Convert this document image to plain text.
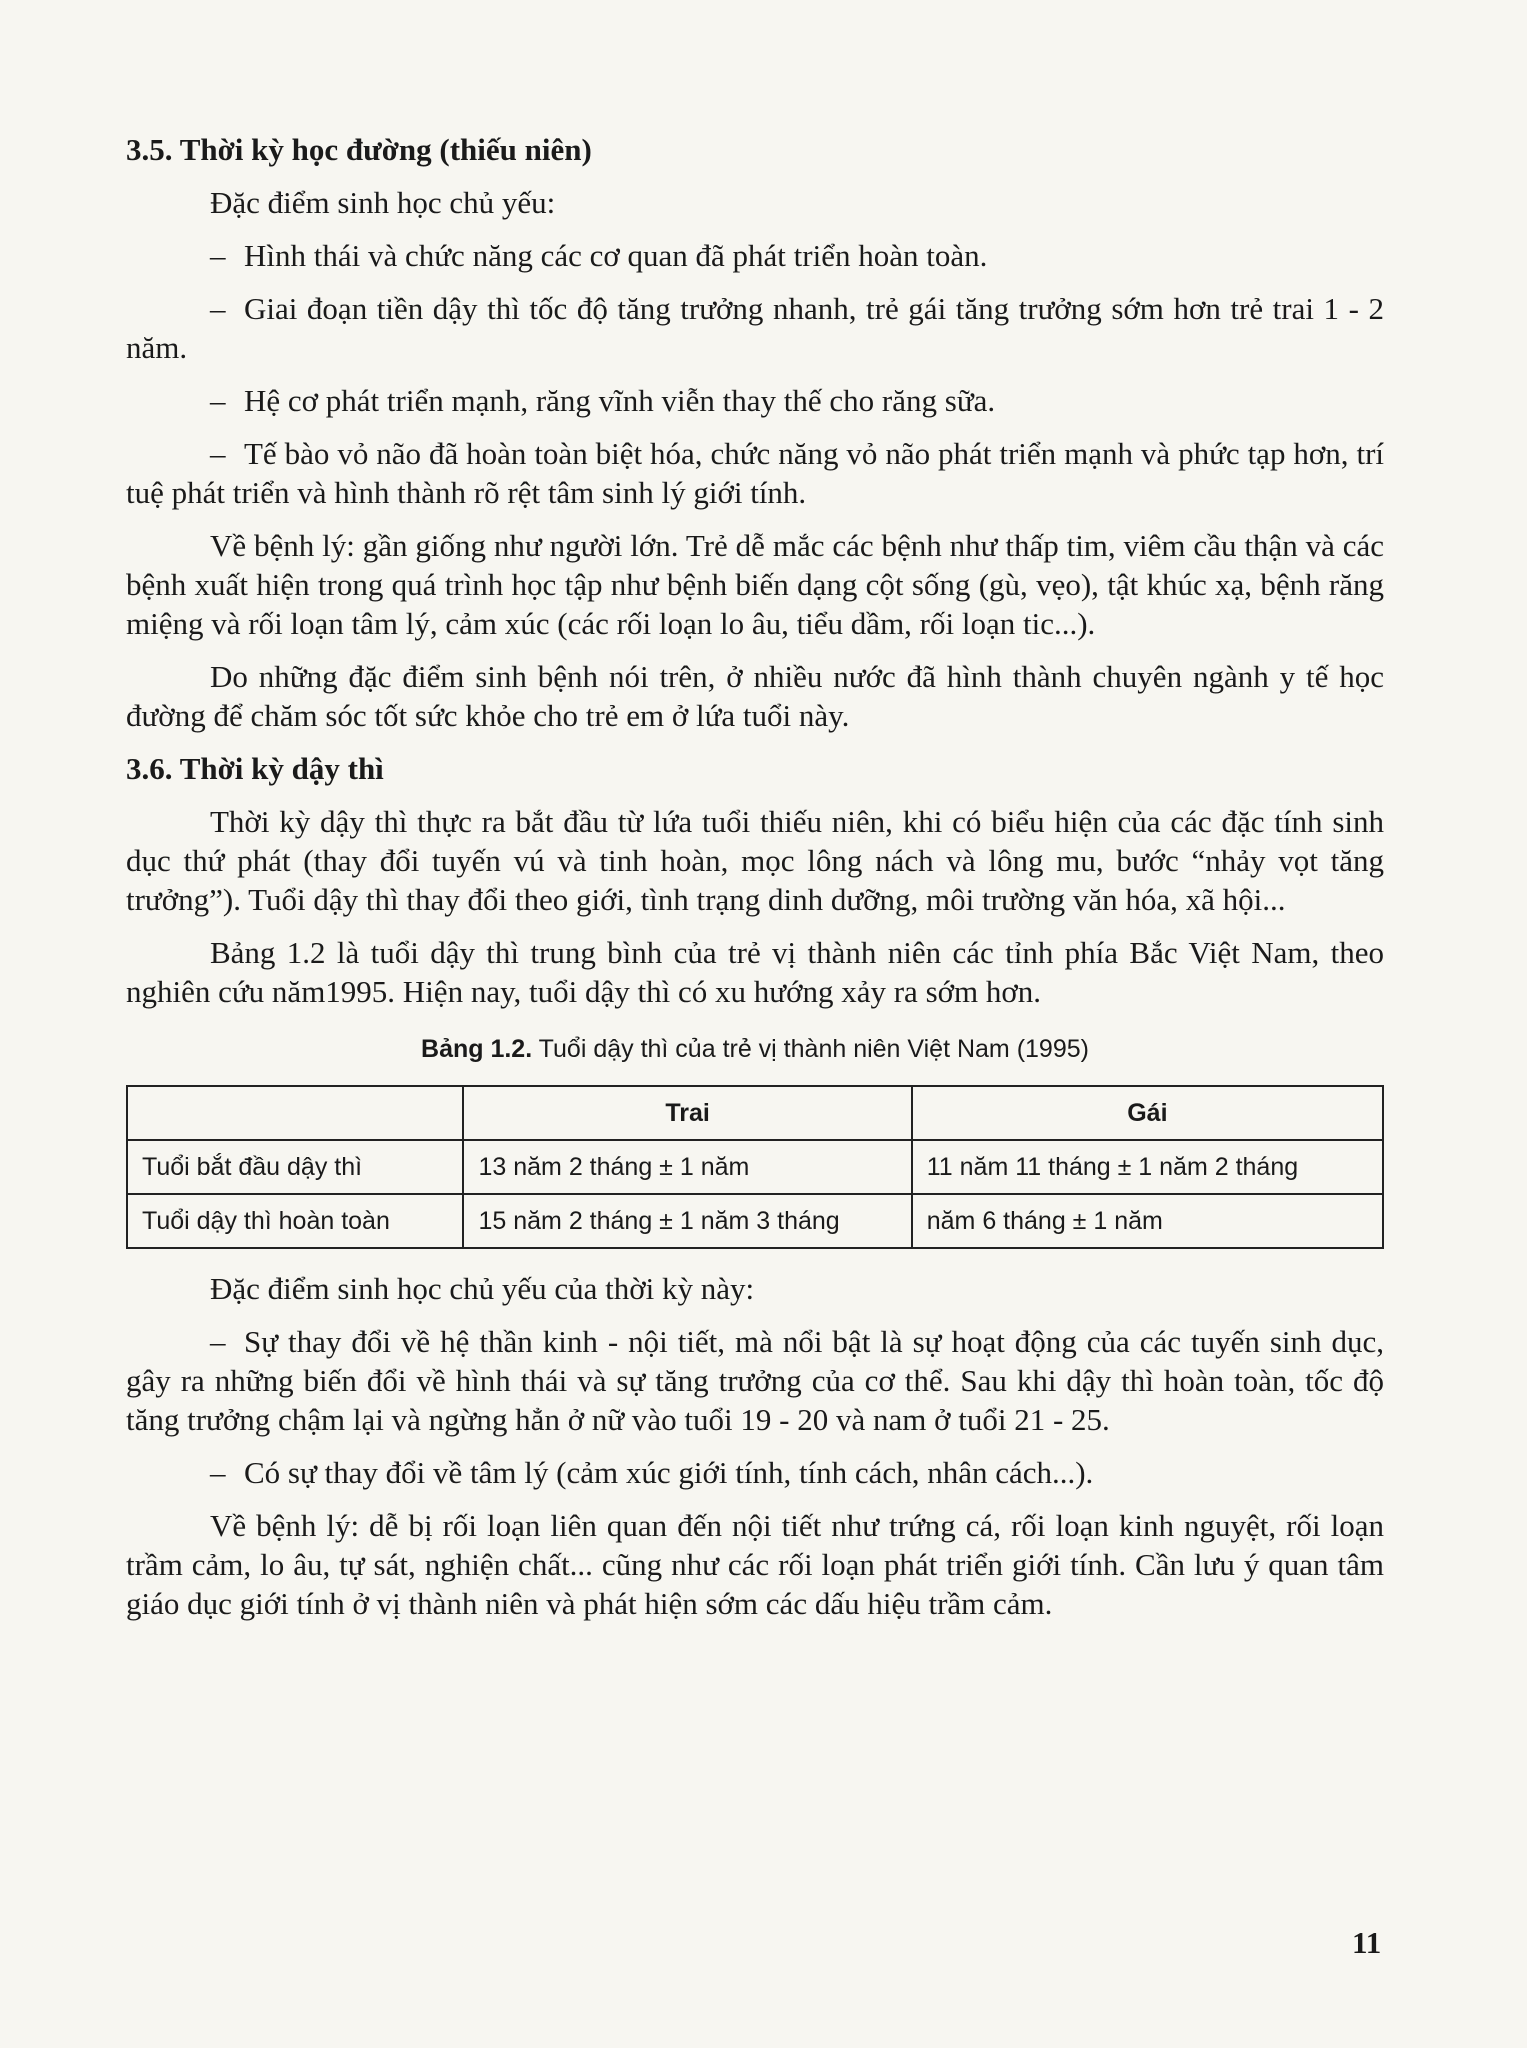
3.5. Thời kỳ học đường (thiếu niên)

Đặc điểm sinh học chủ yếu:

– Hình thái và chức năng các cơ quan đã phát triển hoàn toàn.

– Giai đoạn tiền dậy thì tốc độ tăng trưởng nhanh, trẻ gái tăng trưởng sớm hơn trẻ trai 1 - 2 năm.

– Hệ cơ phát triển mạnh, răng vĩnh viễn thay thế cho răng sữa.

– Tế bào vỏ não đã hoàn toàn biệt hóa, chức năng vỏ não phát triển mạnh và phức tạp hơn, trí tuệ phát triển và hình thành rõ rệt tâm sinh lý giới tính.

Về bệnh lý: gần giống như người lớn. Trẻ dễ mắc các bệnh như thấp tim, viêm cầu thận và các bệnh xuất hiện trong quá trình học tập như bệnh biến dạng cột sống (gù, vẹo), tật khúc xạ, bệnh răng miệng và rối loạn tâm lý, cảm xúc (các rối loạn lo âu, tiểu dầm, rối loạn tic...).

Do những đặc điểm sinh bệnh nói trên, ở nhiều nước đã hình thành chuyên ngành y tế học đường để chăm sóc tốt sức khỏe cho trẻ em ở lứa tuổi này.

3.6. Thời kỳ dậy thì

Thời kỳ dậy thì thực ra bắt đầu từ lứa tuổi thiếu niên, khi có biểu hiện của các đặc tính sinh dục thứ phát (thay đổi tuyến vú và tinh hoàn, mọc lông nách và lông mu, bước “nhảy vọt tăng trưởng”). Tuổi dậy thì thay đổi theo giới, tình trạng dinh dưỡng, môi trường văn hóa, xã hội...

Bảng 1.2 là tuổi dậy thì trung bình của trẻ vị thành niên các tỉnh phía Bắc Việt Nam, theo nghiên cứu năm1995. Hiện nay, tuổi dậy thì có xu hướng xảy ra sớm hơn.

Bảng 1.2. Tuổi dậy thì của trẻ vị thành niên Việt Nam (1995)
	Trai	Gái
Tuổi bắt đầu dậy thì	13 năm 2 tháng ± 1 năm	11 năm 11 tháng ± 1 năm 2 tháng
Tuổi dậy thì hoàn toàn	15 năm 2 tháng ± 1 năm 3 tháng	năm 6 tháng ± 1 năm

Đặc điểm sinh học chủ yếu của thời kỳ này:

– Sự thay đổi về hệ thần kinh - nội tiết, mà nổi bật là sự hoạt động của các tuyến sinh dục, gây ra những biến đổi về hình thái và sự tăng trưởng của cơ thể. Sau khi dậy thì hoàn toàn, tốc độ tăng trưởng chậm lại và ngừng hẳn ở nữ vào tuổi 19 - 20 và nam ở tuổi 21 - 25.

– Có sự thay đổi về tâm lý (cảm xúc giới tính, tính cách, nhân cách...).

Về bệnh lý: dễ bị rối loạn liên quan đến nội tiết như trứng cá, rối loạn kinh nguyệt, rối loạn trầm cảm, lo âu, tự sát, nghiện chất... cũng như các rối loạn phát triển giới tính. Cần lưu ý quan tâm giáo dục giới tính ở vị thành niên và phát hiện sớm các dấu hiệu trầm cảm.

11
